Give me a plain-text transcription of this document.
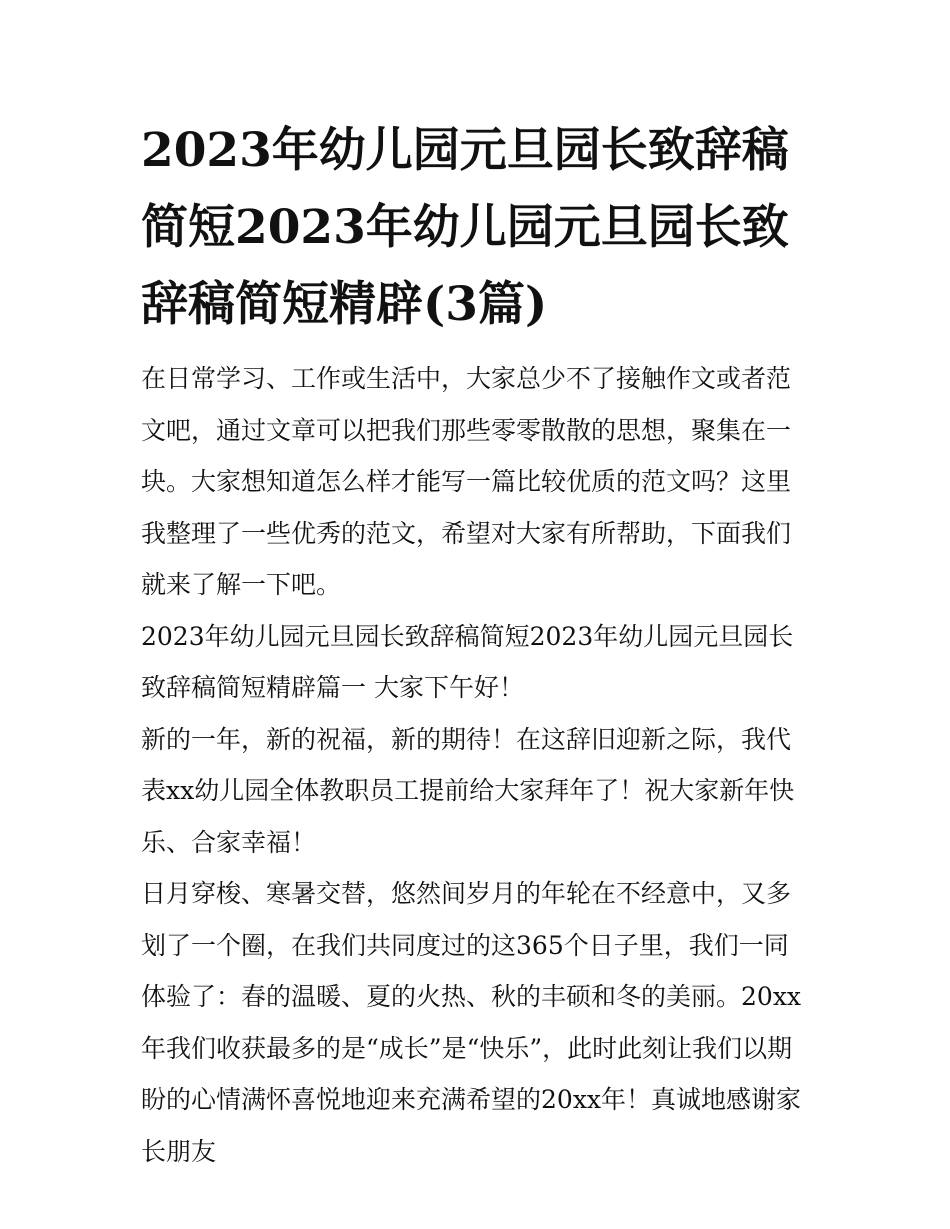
2023年幼儿园元旦园长致辞稿简短2023年幼儿园元旦园长致辞稿简短精辟(3篇)

在日常学习、工作或生活中，大家总少不了接触作文或者范文吧，通过文章可以把我们那些零零散散的思想，聚集在一块。大家想知道怎么样才能写一篇比较优质的范文吗？这里我整理了一些优秀的范文，希望对大家有所帮助，下面我们就来了解一下吧。

2023年幼儿园元旦园长致辞稿简短2023年幼儿园元旦园长致辞稿简短精辟篇一 大家下午好！

新的一年，新的祝福，新的期待！在这辞旧迎新之际，我代表xx幼儿园全体教职员工提前给大家拜年了！祝大家新年快乐、合家幸福！

日月穿梭、寒暑交替，悠然间岁月的年轮在不经意中，又多划了一个圈，在我们共同度过的这365个日子里，我们一同体验了：春的温暖、夏的火热、秋的丰硕和冬的美丽。20xx年我们收获最多的是“成长”是“快乐”，此时此刻让我们以期盼的心情满怀喜悦地迎来充满希望的20xx年！真诚地感谢家长朋友
